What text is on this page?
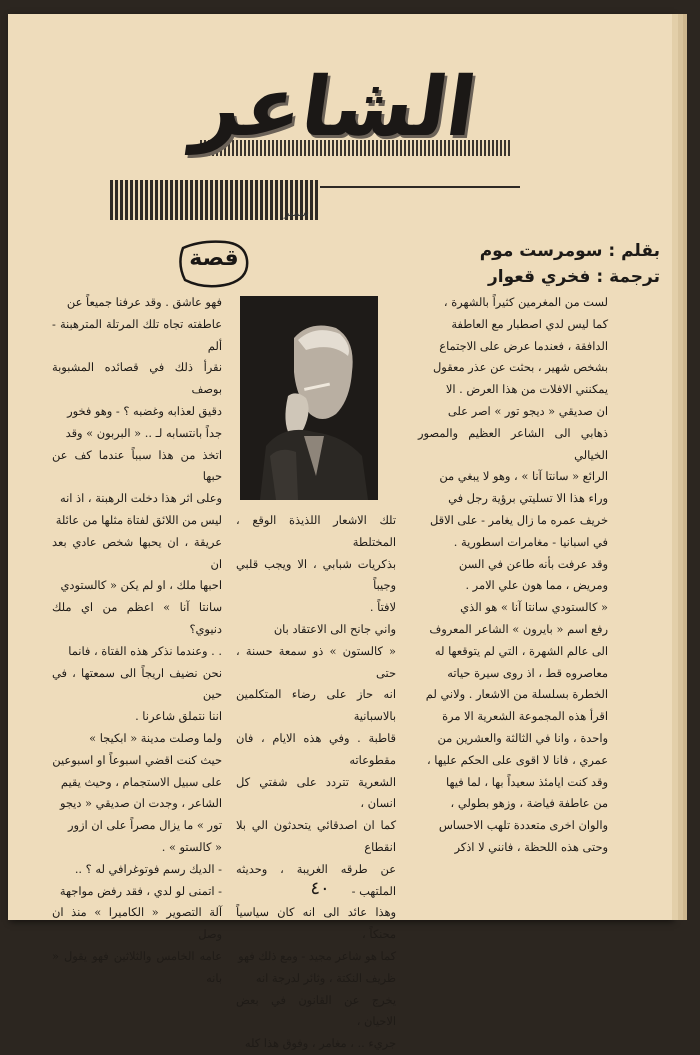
الشاعر
سمير
بقلم : سومرست موم
ترجمة : فخري قعوار
قصة

لست من المغرمين كثيراً بالشهرة ،

كما ليس لدي اصطبار مع العاطفة

الدافقة ، فعندما عرض على الاجتماع

بشخص شهير ، بحثت عن عذر معقول

يمكنني الافلات من هذا العرض . الا

ان صديقي « ديجو تور » اصر على

ذهابي الى الشاعر العظيم والمصور الخيالي

الرائع « سانتا آنا » ، وهو لا يبغي من

وراء هذا الا تسليتي برؤية رجل في

خريف عمره ما زال يغامر - على الاقل

في اسبانيا - مغامرات اسطورية .

وقد عرفت بأنه طاعن في السن

ومريض ، مما هون علي الامر .

« كالستودي سانتا آنا » هو الذي

رفع اسم « بايرون » الشاعر المعروف

الى عالم الشهرة ، التي لم يتوقعها له

معاصروه قط ، اذ روى سيرة حياته

الخطرة بسلسلة من الاشعار . ولاني لم

اقرأ هذه المجموعة الشعرية الا مرة

واحدة ، وانا في الثالثة والعشرين من

عمري ، فانا لا اقوى على الحكم عليها ،

وقد كنت ايامئذ سعيداً بها ، لما فيها

من عاطفة فياضة ، وزهو بطولي ،

والوان اخرى متعددة تلهب الاحساس

وحتى هذه اللحظة ، فانني لا اذكر

تلك الاشعار اللذيذة الوقع ، المختلطة

بذكريات شبابي ، الا ويجب قلبي وجيباً

لافتاً .

واني جانح الى الاعتقاد بان

« كالستون » ذو سمعة حسنة ، حتى

انه حاز على رضاء المتكلمين بالاسبانية

قاطبة . وفي هذه الايام ، فان مقطوعاته

الشعرية تتردد على شفتي كل انسان ،

كما ان اصدقائي يتحدثون الي بلا انقطاع

عن طرقه الغريبة ، وحديثه الملتهب -

وهذا عائد الى انه كان سياسياً محنكاً ،

كما هو شاعر مجيد - ومع ذلك فهو

ظريف النكتة ، وثائر لدرجة انه

يخرج عن القانون في بعض الاحيان ،

جريء .. ، مغامر ، وفوق هذا كله

فهو عاشق . وقد عرفنا جميعاً عن

عاطفته تجاه تلك المرتلة المترهبنة - ألم

نقرأ ذلك في قصائده المشبوبة بوصف

دقيق لعذابه وغضبه ؟ - وهو فخور

جداً بانتسابه لـ .. « البربون » وقد

اتخذ من هذا سبباً عندما كف عن حبها

وعلى اثر هذا دخلت الرهبنة ، اذ انه

ليس من اللائق لفتاة مثلها من عائلة

عريقة ، ان يحبها شخص عادي بعد ان

احبها ملك ، او لم يكن « كالستودي

سانتا آنا » اعظم من اي ملك دنيوي؟

. . وعندما نذكر هذه الفتاة ، فانما

نحن نضيف اريجاً الى سمعتها ، في حين

اننا نتملق شاعرنا .

ولما وصلت مدينة « ابكيجا »

حيث كنت اقضي اسبوعاً او اسبوعين

على سبيل الاستجمام ، وحيث يقيم

الشاعر ، وجدت ان صديقي « ديجو

تور » ما يزال مصراً على ان ازور

« كالستو » .

- الديك رسم فوتوغرافي له ؟ ..

- اتمنى لو لدي ، فقد رفض مواجهة

آلة التصوير « الكاميرا » منذ ان وصل

عامه الخامس والثلاثين فهو يقول « بانه

٤٠
